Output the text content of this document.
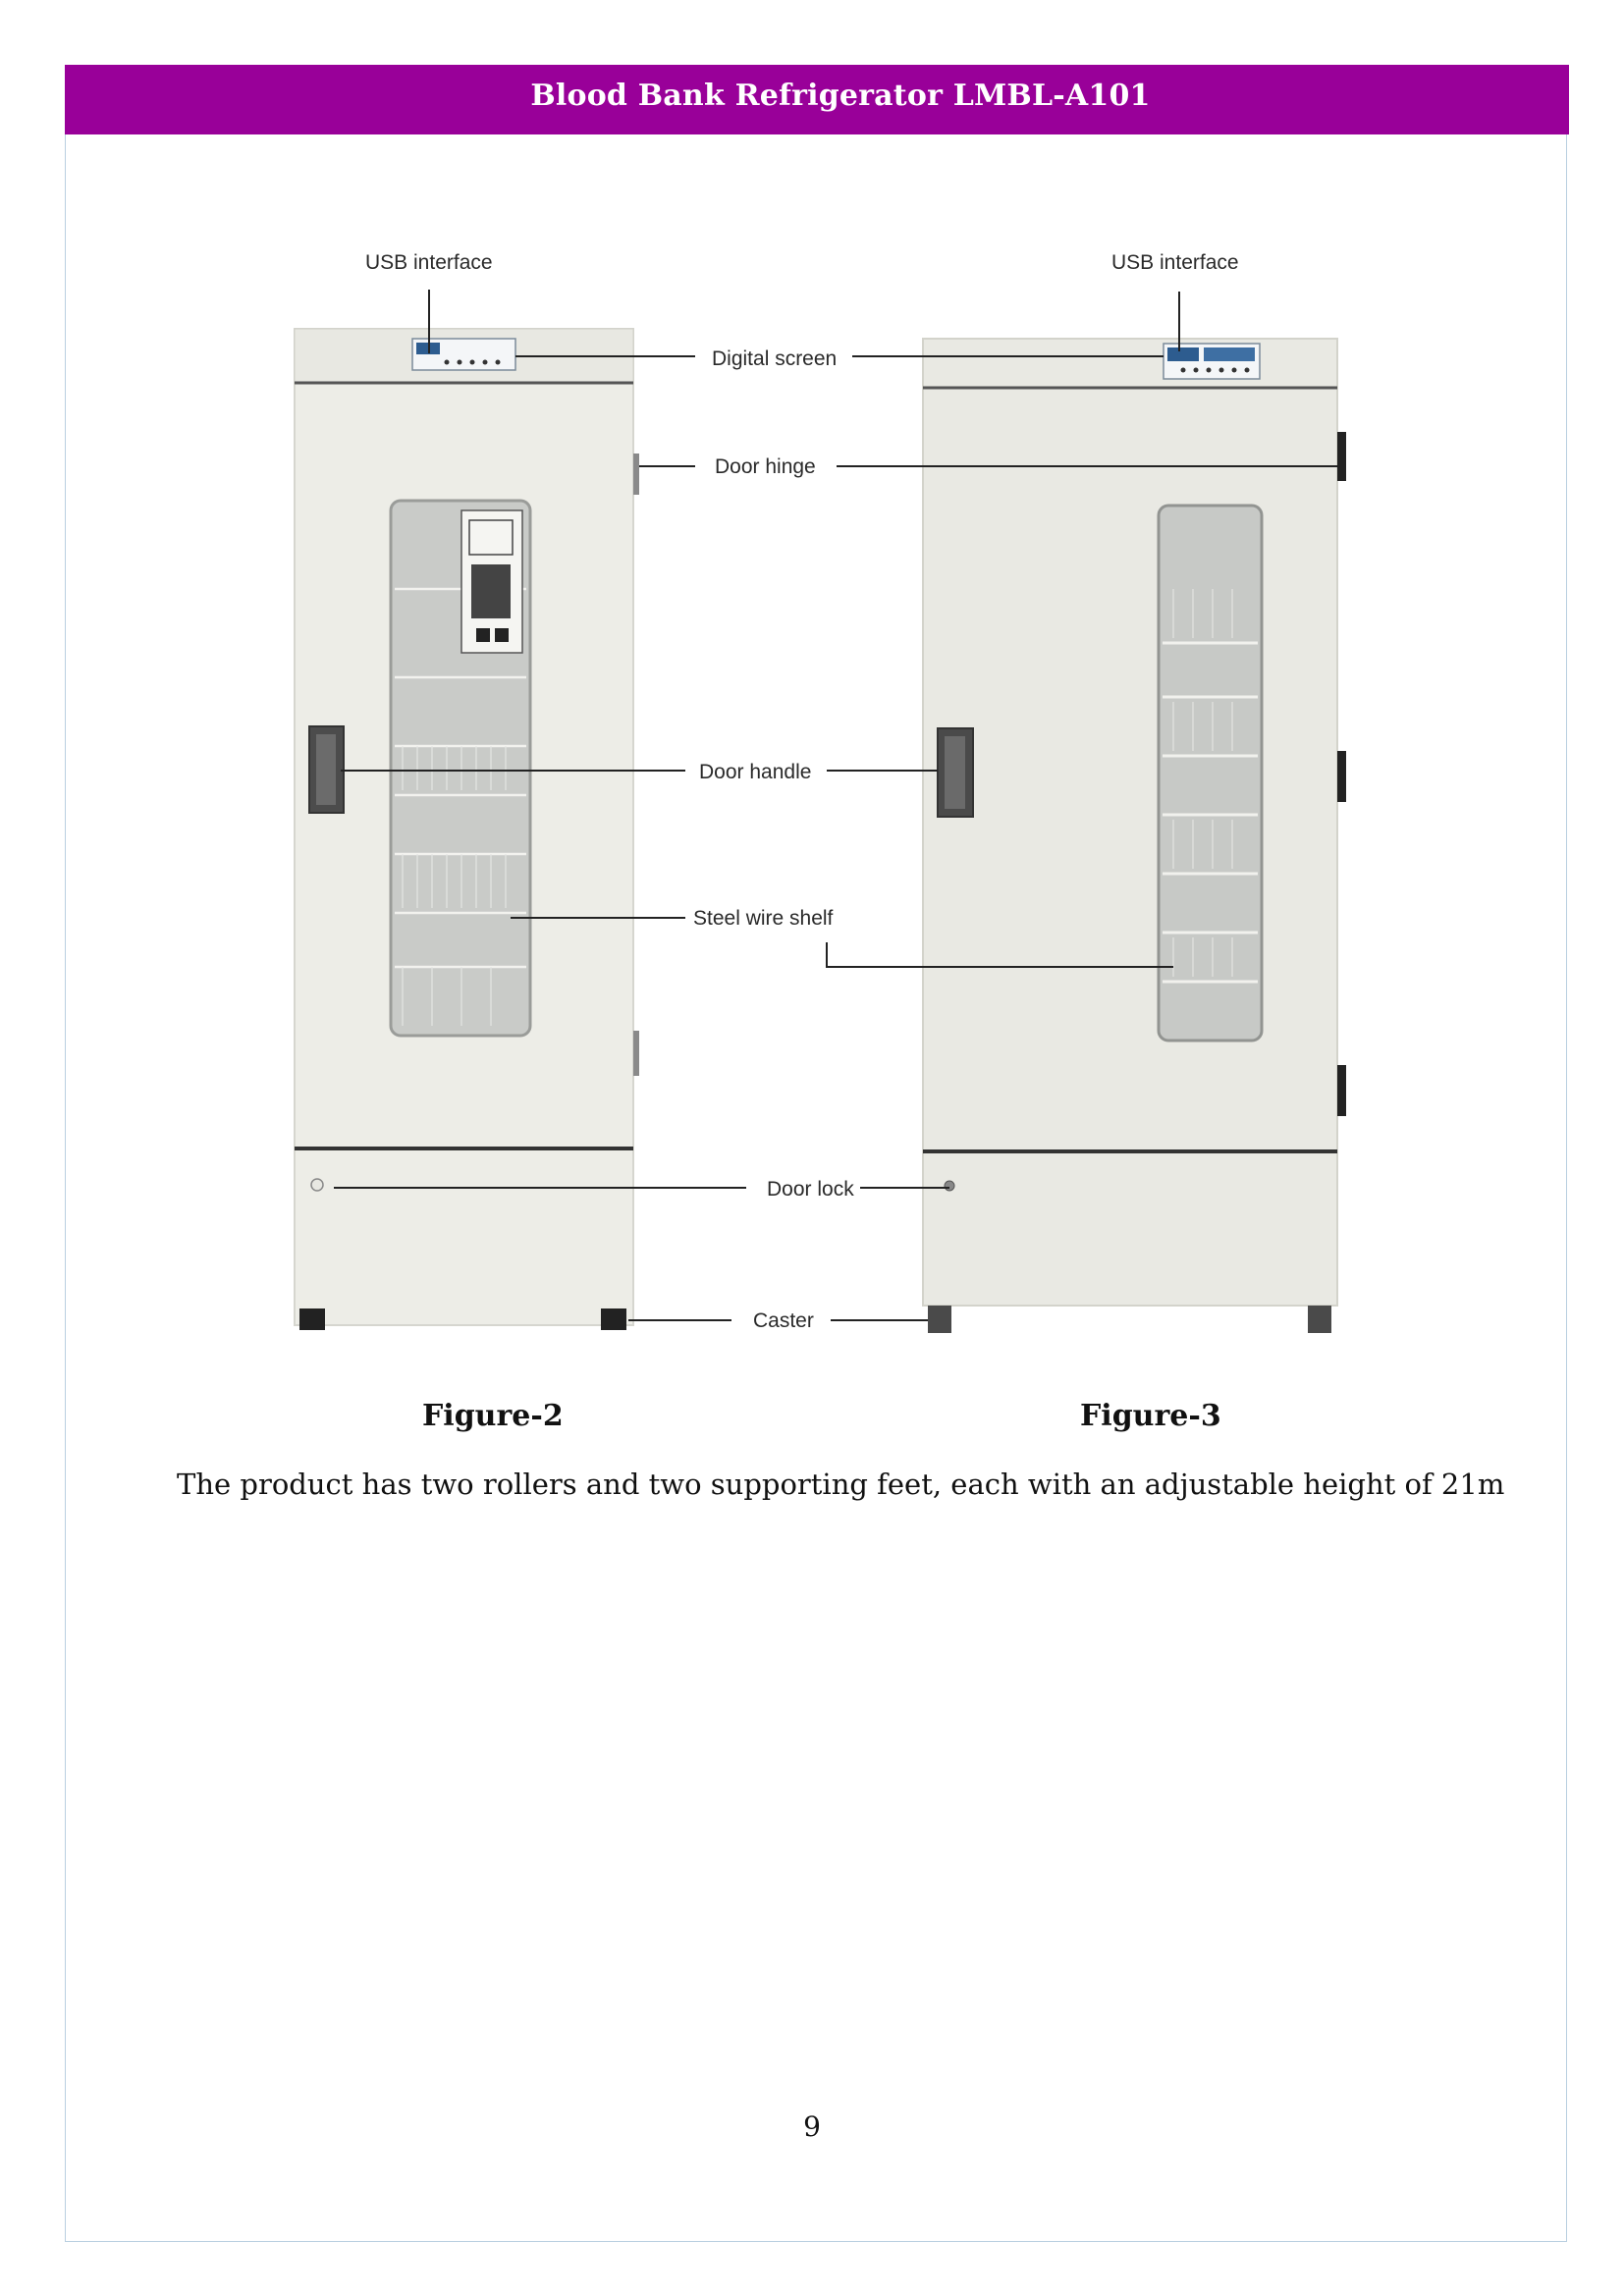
Blood Bank Refrigerator LMBL-A101
USB interface	USB interface
Digital screen
Door hinge
Door handle
Steel wire shelf
Door lock
Caster
Figure-2	Figure-3
The product has two rollers and two supporting feet, each with an adjustable height of 21m
9
